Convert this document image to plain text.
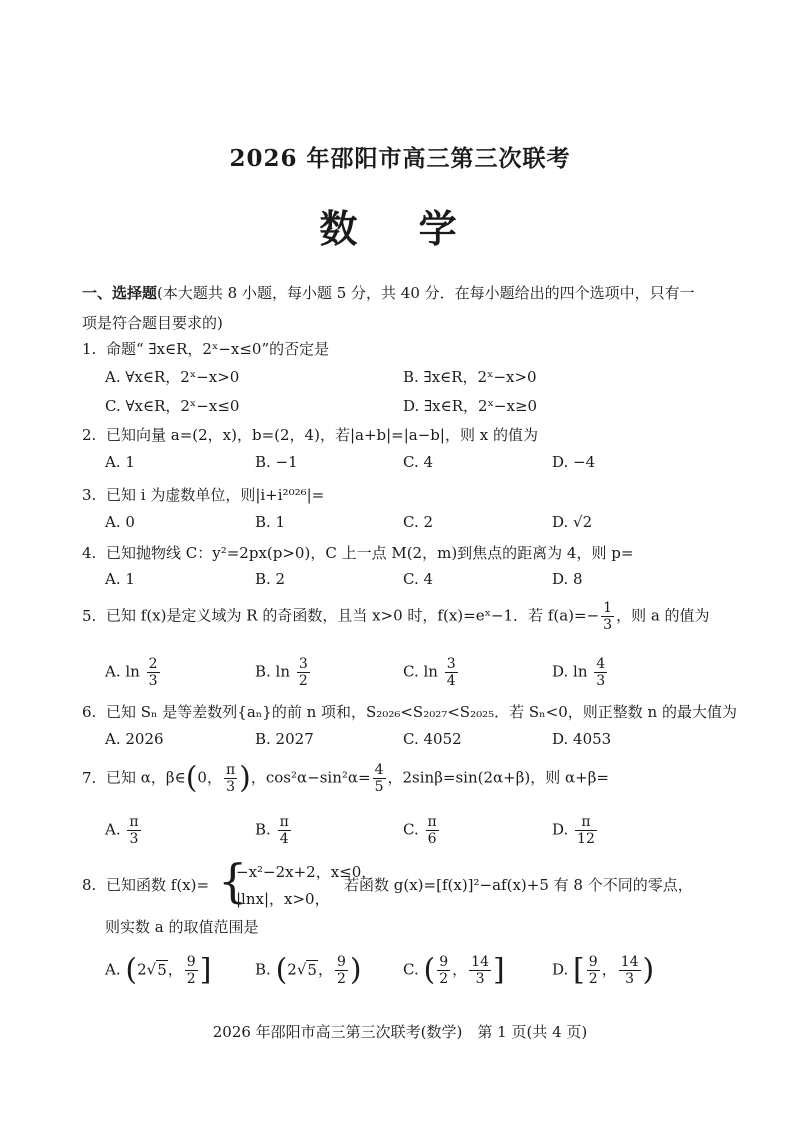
2026 年邵阳市高三第三次联考
数 学
一、选择题(本大题共 8 小题，每小题 5 分，共 40 分．在每小题给出的四个选项中，只有一
项是符合题目要求的)
1. 命题“ ∃x∈R，2ˣ−x≤0”的否定是
A. ∀x∈R，2ˣ−x>0	B. ∃x∈R，2ˣ−x>0
C. ∀x∈R，2ˣ−x≤0	D. ∃x∈R，2ˣ−x≥0
2. 已知向量 a=(2，x)，b=(2，4)，若|a+b|=|a−b|，则 x 的值为
A. 1	B. −1	C. 4	D. −4
3. 已知 i 为虚数单位，则|i+i²⁰²⁶|=
A. 0	B. 1	C. 2	D. √2
4. 已知抛物线 C：y²=2px(p>0)，C 上一点 M(2，m)到焦点的距离为 4，则 p=
A. 1	B. 2	C. 4	D. 8
5. 已知 f(x)是定义域为 R 的奇函数，且当 x>0 时，f(x)=eˣ−1．若 $f(a)=- \frac{1}{3}$ ，则 a 的值为
A. $\ln \frac{2}{3}$	B. $\ln \frac{3}{2}$	C. $\ln \frac{3}{4}$	D. $\ln \frac{4}{3}$
6. 已知 Sₙ 是等差数列{aₙ}的前 n 项和，S₂₀₂₆<S₂₀₂₇<S₂₀₂₅．若 Sₙ<0，则正整数 n 的最大值为
A. 2026	B. 2027	C. 4052	D. 4053
7. 已知 α，β∈(0， $\frac{\pi}{3}$ )，$\cos^2\alpha-\sin^2\alpha= \frac{4}{5}$ ，2sinβ=sin(2α+β)，则 α+β=
A. $\frac{\pi}{3}$	B. $\frac{\pi}{4}$	C. $\frac{\pi}{6}$	D. $\frac{\pi}{12}$
8. 已知函数 f(x)= {
−x²−2x+2，x≤0，
|lnx|，x>0，
若函数 g(x)=[f(x)]²−af(x)+5 有 8 个不同的零点，
则实数 a 的取值范围是
A. (2√5， $\frac{9}{2}$ ]	B. (2√5， $\frac{9}{2}$ )	C. ( $\frac{9}{2}$ ， $\frac{14}{3}$ ]	D. [ $\frac{9}{2}$ ， $\frac{14}{3}$ )
2026 年邵阳市高三第三次联考(数学)　第 1 页(共 4 页)
